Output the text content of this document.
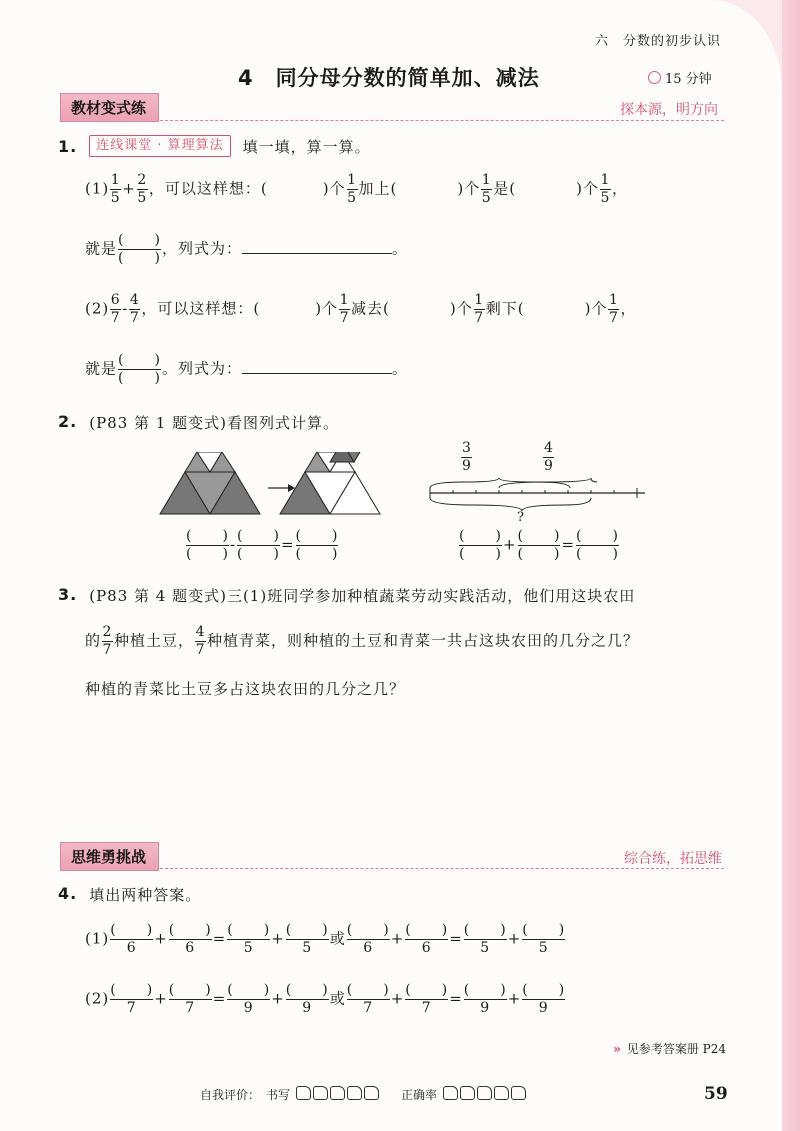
六　分数的初步认识
4　同分母分数的简单加、减法	15 分钟
教材变式练	探本源，明方向
1.	连线课堂 · 算理算法	填一填，算一算。
$(1) \frac{1}{5} + \frac{2}{5}$ ，可以这样想：(	)个 $\frac{1}{5}$ 加上(	)个 $\frac{1}{5}$ 是(	)个 $\frac{1}{5}$ ，
就是 $\frac{( )}{( )}$ ，列式为：	。
$(2) \frac{6}{7} - \frac{4}{7}$ ，可以这样想：(	)个 $\frac{1}{7}$ 减去(	)个 $\frac{1}{7}$ 剩下(	)个 $\frac{1}{7}$ ，
就是 $\frac{( )}{( )}$ 。列式为：	。
2. (P83 第 1 题变式)看图列式计算。
$\frac{( )}{( )} - \frac{( )}{( )} = \frac{( )}{( )}$
$\frac{3}{9}$	$\frac{4}{9}$
?
$\frac{( )}{( )} + \frac{( )}{( )} = \frac{( )}{( )}$
3. (P83 第 4 题变式)三(1)班同学参加种植蔬菜劳动实践活动，他们用这块农田
的 $\frac{2}{7}$ 种植土豆， $\frac{4}{7}$ 种植青菜，则种植的土豆和青菜一共占这块农田的几分之几？
种植的青菜比土豆多占这块农田的几分之几？
思维勇挑战	综合练，拓思维
4. 填出两种答案。
$(1) \frac{( )}{6} + \frac{( )}{6} = \frac{( )}{5} + \frac{( )}{5}$ 或 $\frac{( )}{6} + \frac{( )}{6} = \frac{( )}{5} + \frac{( )}{5}$
$(2) \frac{( )}{7} + \frac{( )}{7} = \frac{( )}{9} + \frac{( )}{9}$ 或 $\frac{( )}{7} + \frac{( )}{7} = \frac{( )}{9} + \frac{( )}{9}$
» 见参考答案册 P24
自我评价： 书写	正确率	59
